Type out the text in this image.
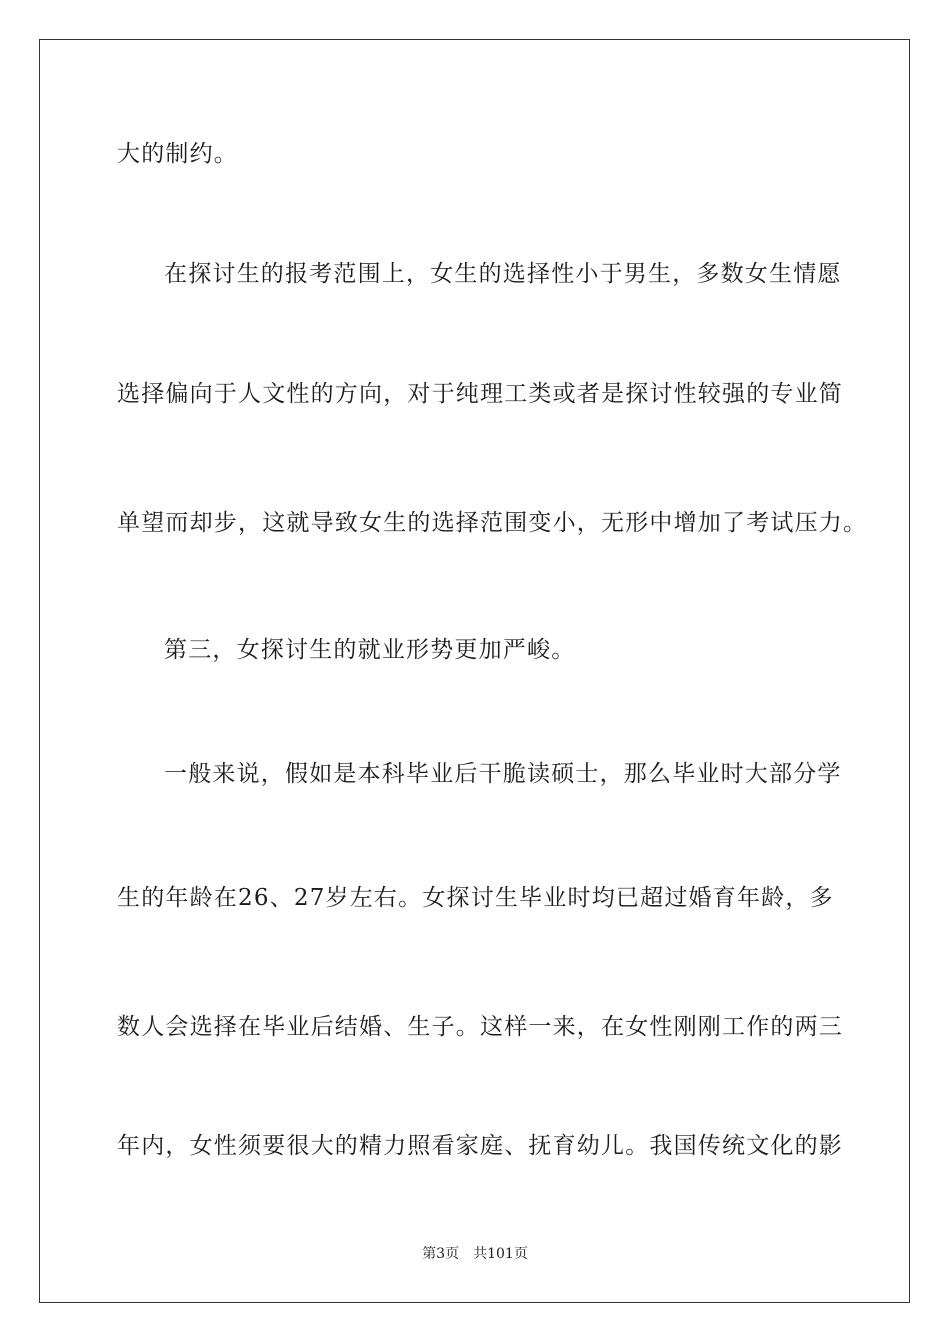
大的制约。
在探讨生的报考范围上，女生的选择性小于男生，多数女生情愿
选择偏向于人文性的方向，对于纯理工类或者是探讨性较强的专业简
单望而却步，这就导致女生的选择范围变小，无形中增加了考试压力。
第三，女探讨生的就业形势更加严峻。
一般来说，假如是本科毕业后干脆读硕士，那么毕业时大部分学
生的年龄在26、27岁左右。女探讨生毕业时均已超过婚育年龄，多
数人会选择在毕业后结婚、生子。这样一来，在女性刚刚工作的两三
年内，女性须要很大的精力照看家庭、抚育幼儿。我国传统文化的影
第3页 共101页
